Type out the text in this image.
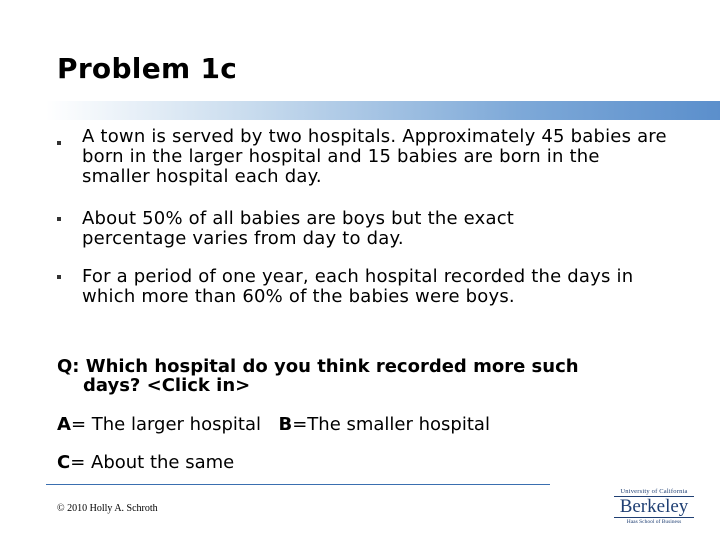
Problem 1c
A town is served by two hospitals. Approximately 45 babies are born in the larger hospital and 15 babies are born in the smaller hospital each day.
About 50% of all babies are boys but the exact percentage varies from day to day.
For a period of one year, each hospital recorded the days in which more than 60% of the babies were boys.
Q: Which hospital do you think recorded more such
days? <Click in>
A= The larger hospital B=The smaller hospital
C= About the same
© 2010 Holly A. Schroth
University of California
Berkeley
Haas School of Business
